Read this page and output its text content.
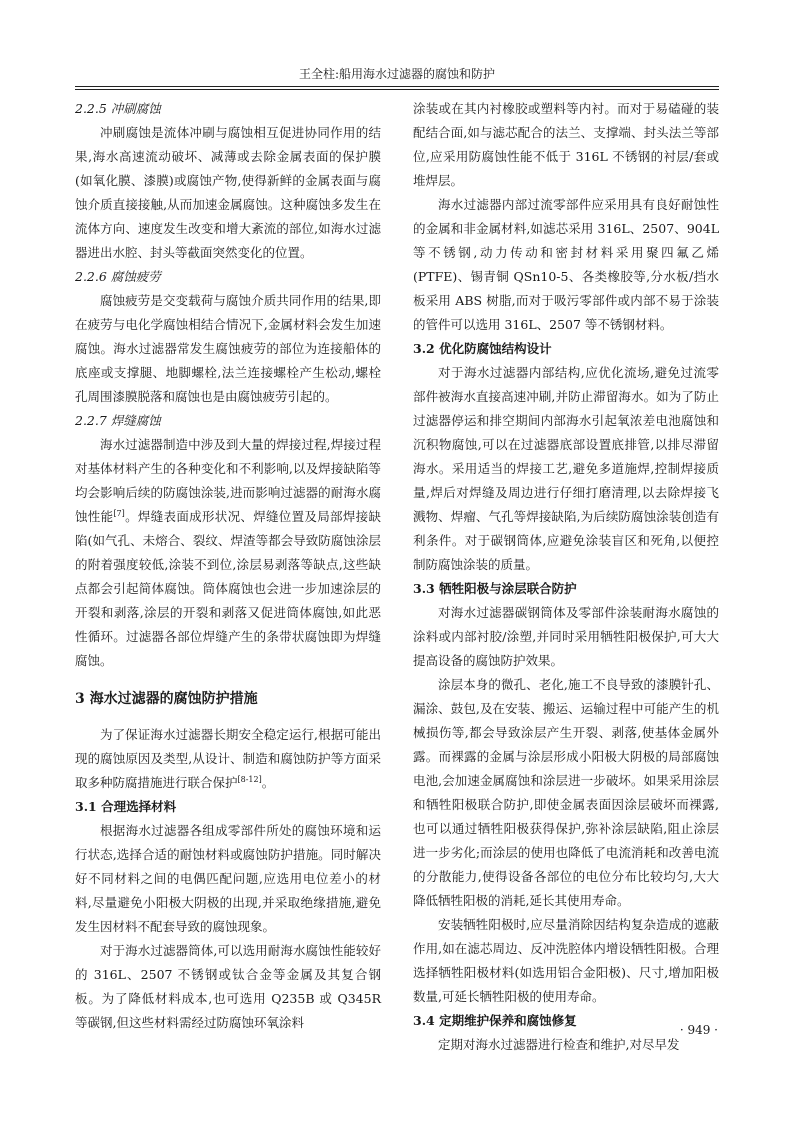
王全柱:船用海水过滤器的腐蚀和防护
2.2.5 冲刷腐蚀

冲刷腐蚀是流体冲刷与腐蚀相互促进协同作用的结果,海水高速流动破坏、减薄或去除金属表面的保护膜(如氧化膜、漆膜)或腐蚀产物,使得新鲜的金属表面与腐蚀介质直接接触,从而加速金属腐蚀。这种腐蚀多发生在流体方向、速度发生改变和增大紊流的部位,如海水过滤器进出水腔、封头等截面突然变化的位置。

2.2.6 腐蚀疲劳

腐蚀疲劳是交变载荷与腐蚀介质共同作用的结果,即在疲劳与电化学腐蚀相结合情况下,金属材料会发生加速腐蚀。海水过滤器常发生腐蚀疲劳的部位为连接船体的底座或支撑腿、地脚螺栓,法兰连接螺栓产生松动,螺栓孔周围漆膜脱落和腐蚀也是由腐蚀疲劳引起的。

2.2.7 焊缝腐蚀

海水过滤器制造中涉及到大量的焊接过程,焊接过程对基体材料产生的各种变化和不利影响,以及焊接缺陷等均会影响后续的防腐蚀涂装,进而影响过滤器的耐海水腐蚀性能[7]。焊缝表面成形状况、焊缝位置及局部焊接缺陷(如气孔、未熔合、裂纹、焊渣等都会导致防腐蚀涂层的附着强度较低,涂装不到位,涂层易剥落等缺点,这些缺点都会引起简体腐蚀。筒体腐蚀也会进一步加速涂层的开裂和剥落,涂层的开裂和剥落又促进筒体腐蚀,如此恶性循环。过滤器各部位焊缝产生的条带状腐蚀即为焊缝腐蚀。

3 海水过滤器的腐蚀防护措施

为了保证海水过滤器长期安全稳定运行,根据可能出现的腐蚀原因及类型,从设计、制造和腐蚀防护等方面采取多种防腐措施进行联合保护[8-12]。

3.1 合理选择材料

根据海水过滤器各组成零部件所处的腐蚀环境和运行状态,选择合适的耐蚀材料或腐蚀防护措施。同时解决好不同材料之间的电偶匹配问题,应选用电位差小的材料,尽量避免小阳极大阴极的出现,并采取绝缘措施,避免发生因材料不配套导致的腐蚀现象。

对于海水过滤器筒体,可以选用耐海水腐蚀性能较好的 316L、2507 不锈钢或钛合金等金属及其复合钢板。为了降低材料成本,也可选用 Q235B 或 Q345R 等碳钢,但这些材料需经过防腐蚀环氧涂料

涂装或在其内衬橡胶或塑料等内衬。而对于易磕碰的装配结合面,如与滤芯配合的法兰、支撑端、封头法兰等部位,应采用防腐蚀性能不低于 316L 不锈钢的衬层/套或堆焊层。

海水过滤器内部过流零部件应采用具有良好耐蚀性的金属和非金属材料,如滤芯采用 316L、2507、904L 等不锈钢,动力传动和密封材料采用聚四氟乙烯(PTFE)、锡青铜 QSn10-5、各类橡胶等,分水板/挡水板采用 ABS 树脂,而对于吸污零部件或内部不易于涂装的管件可以选用 316L、2507 等不锈钢材料。

3.2 优化防腐蚀结构设计

对于海水过滤器内部结构,应优化流场,避免过流零部件被海水直接高速冲刷,并防止滞留海水。如为了防止过滤器停运和排空期间内部海水引起氧浓差电池腐蚀和沉积物腐蚀,可以在过滤器底部设置底排管,以排尽滞留海水。采用适当的焊接工艺,避免多道施焊,控制焊接质量,焊后对焊缝及周边进行仔细打磨清理,以去除焊接飞溅物、焊瘤、气孔等焊接缺陷,为后续防腐蚀涂装创造有利条件。对于碳钢筒体,应避免涂装盲区和死角,以便控制防腐蚀涂装的质量。

3.3 牺牲阳极与涂层联合防护

对海水过滤器碳钢筒体及零部件涂装耐海水腐蚀的涂料或内部衬胶/涂塑,并同时采用牺牲阳极保护,可大大提高设备的腐蚀防护效果。

涂层本身的微孔、老化,施工不良导致的漆膜针孔、漏涂、鼓包,及在安装、搬运、运输过程中可能产生的机械损伤等,都会导致涂层产生开裂、剥落,使基体金属外露。而裸露的金属与涂层形成小阳极大阴极的局部腐蚀电池,会加速金属腐蚀和涂层进一步破坏。如果采用涂层和牺牲阳极联合防护,即使金属表面因涂层破坏而裸露,也可以通过牺牲阳极获得保护,弥补涂层缺陷,阻止涂层进一步劣化;而涂层的使用也降低了电流消耗和改善电流的分散能力,使得设备各部位的电位分布比较均匀,大大降低牺牲阳极的消耗,延长其使用寿命。

安装牺牲阳极时,应尽量消除因结构复杂造成的遮蔽作用,如在滤芯周边、反冲洗腔体内增设牺牲阳极。合理选择牺牲阳极材料(如选用铝合金阳极)、尺寸,增加阳极数量,可延长牺牲阳极的使用寿命。

3.4 定期维护保养和腐蚀修复

定期对海水过滤器进行检查和维护,对尽早发

· 949 ·
